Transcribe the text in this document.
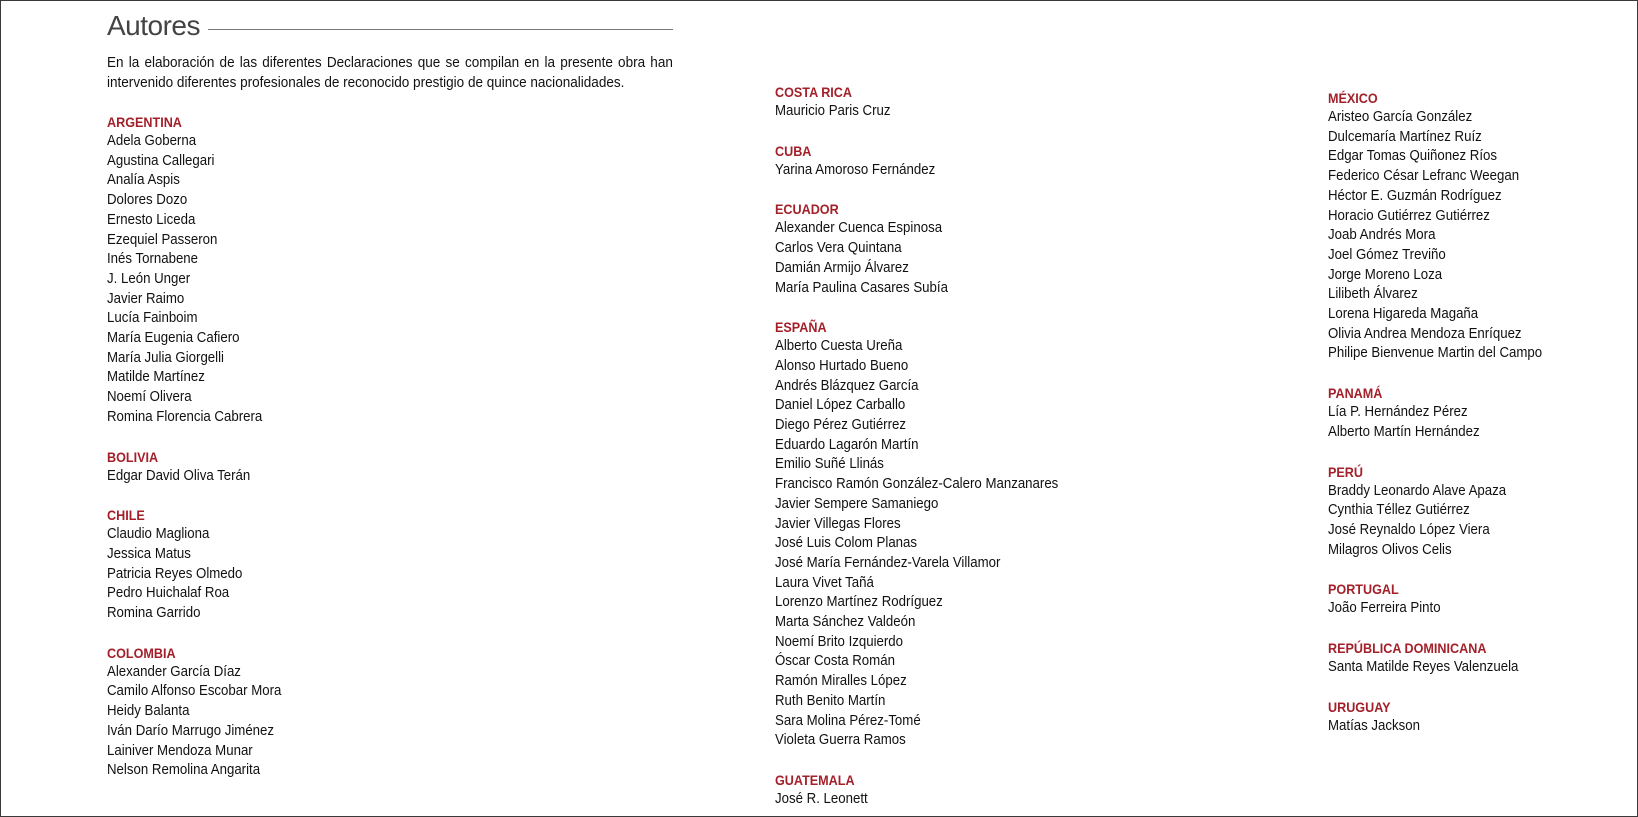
Autores

En la elaboración de las diferentes Declaraciones que se compilan en la presente obra han intervenido diferentes profesionales de reconocido prestigio de quince nacionalidades.

ARGENTINA
Adela Goberna
Agustina Callegari
Analía Aspis
Dolores Dozo
Ernesto Liceda
Ezequiel Passeron
Inés Tornabene
J. León Unger
Javier Raimo
Lucía Fainboim
María Eugenia Cafiero
María Julia Giorgelli
Matilde Martínez
Noemí Olivera
Romina Florencia Cabrera
BOLIVIA
Edgar David Oliva Terán
CHILE
Claudio Magliona
Jessica Matus
Patricia Reyes Olmedo
Pedro Huichalaf Roa
Romina Garrido
COLOMBIA
Alexander García Díaz
Camilo Alfonso Escobar Mora
Heidy Balanta
Iván Darío Marrugo Jiménez
Lainiver Mendoza Munar
Nelson Remolina Angarita
COSTA RICA
Mauricio Paris Cruz
CUBA
Yarina Amoroso Fernández
ECUADOR
Alexander Cuenca Espinosa
Carlos Vera Quintana
Damián Armijo Álvarez
María Paulina Casares Subía
ESPAÑA
Alberto Cuesta Ureña
Alonso Hurtado Bueno
Andrés Blázquez García
Daniel López Carballo
Diego Pérez Gutiérrez
Eduardo Lagarón Martín
Emilio Suñé Llinás
Francisco Ramón González-Calero Manzanares
Javier Sempere Samaniego
Javier Villegas Flores
José Luis Colom Planas
José María Fernández-Varela Villamor
Laura Vivet Tañá
Lorenzo Martínez Rodríguez
Marta Sánchez Valdeón
Noemí Brito Izquierdo
Óscar Costa Román
Ramón Miralles López
Ruth Benito Martín
Sara Molina Pérez-Tomé
Violeta Guerra Ramos
GUATEMALA
José R. Leonett
MÉXICO
Aristeo García González
Dulcemaría Martínez Ruíz
Edgar Tomas Quiñonez Ríos
Federico César Lefranc Weegan
Héctor E. Guzmán Rodríguez
Horacio Gutiérrez Gutiérrez
Joab Andrés Mora
Joel Gómez Treviño
Jorge Moreno Loza
Lilibeth Álvarez
Lorena Higareda Magaña
Olivia Andrea Mendoza Enríquez
Philipe Bienvenue Martin del Campo
PANAMÁ
Lía P. Hernández Pérez
Alberto Martín Hernández
PERÚ
Braddy Leonardo Alave Apaza
Cynthia Téllez Gutiérrez
José Reynaldo López Viera
Milagros Olivos Celis
PORTUGAL
João Ferreira Pinto
REPÚBLICA DOMINICANA
Santa Matilde Reyes Valenzuela
URUGUAY
Matías Jackson
